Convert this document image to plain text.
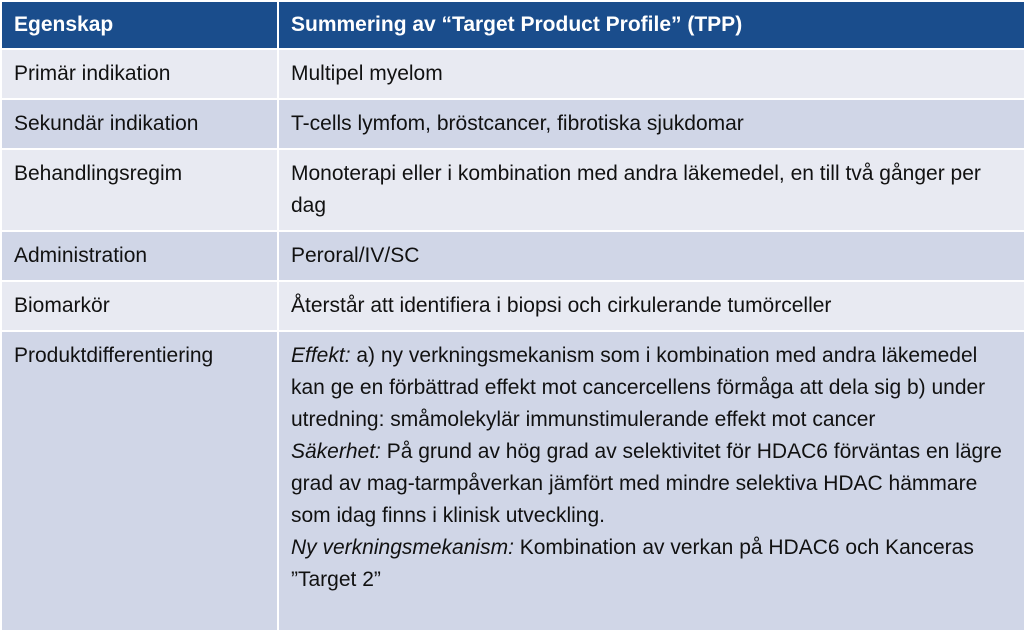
Egenskap	Summering av “Target Product Profile” (TPP)
Primär indikation	Multipel myelom
Sekundär indikation	T-cells lymfom, bröstcancer, fibrotiska sjukdomar
Behandlingsregim	Monoterapi eller i kombination med andra läkemedel, en till två gånger per dag
Administration	Peroral/IV/SC
Biomarkör	Återstår att identifiera i biopsi och cirkulerande tumörceller
Produktdifferentiering	Effekt: a) ny verkningsmekanism som i kombination med andra läkemedel kan ge en förbättrad effekt mot cancercellens förmåga att dela sig b) under utredning: småmolekylär immunstimulerande effekt mot cancer
Säkerhet: På grund av hög grad av selektivitet för HDAC6 förväntas en lägre grad av mag-tarmpåverkan jämfört med mindre selektiva HDAC hämmare som idag finns i klinisk utveckling.
Ny verkningsmekanism: Kombination av verkan på HDAC6 och Kanceras ”Target 2”
